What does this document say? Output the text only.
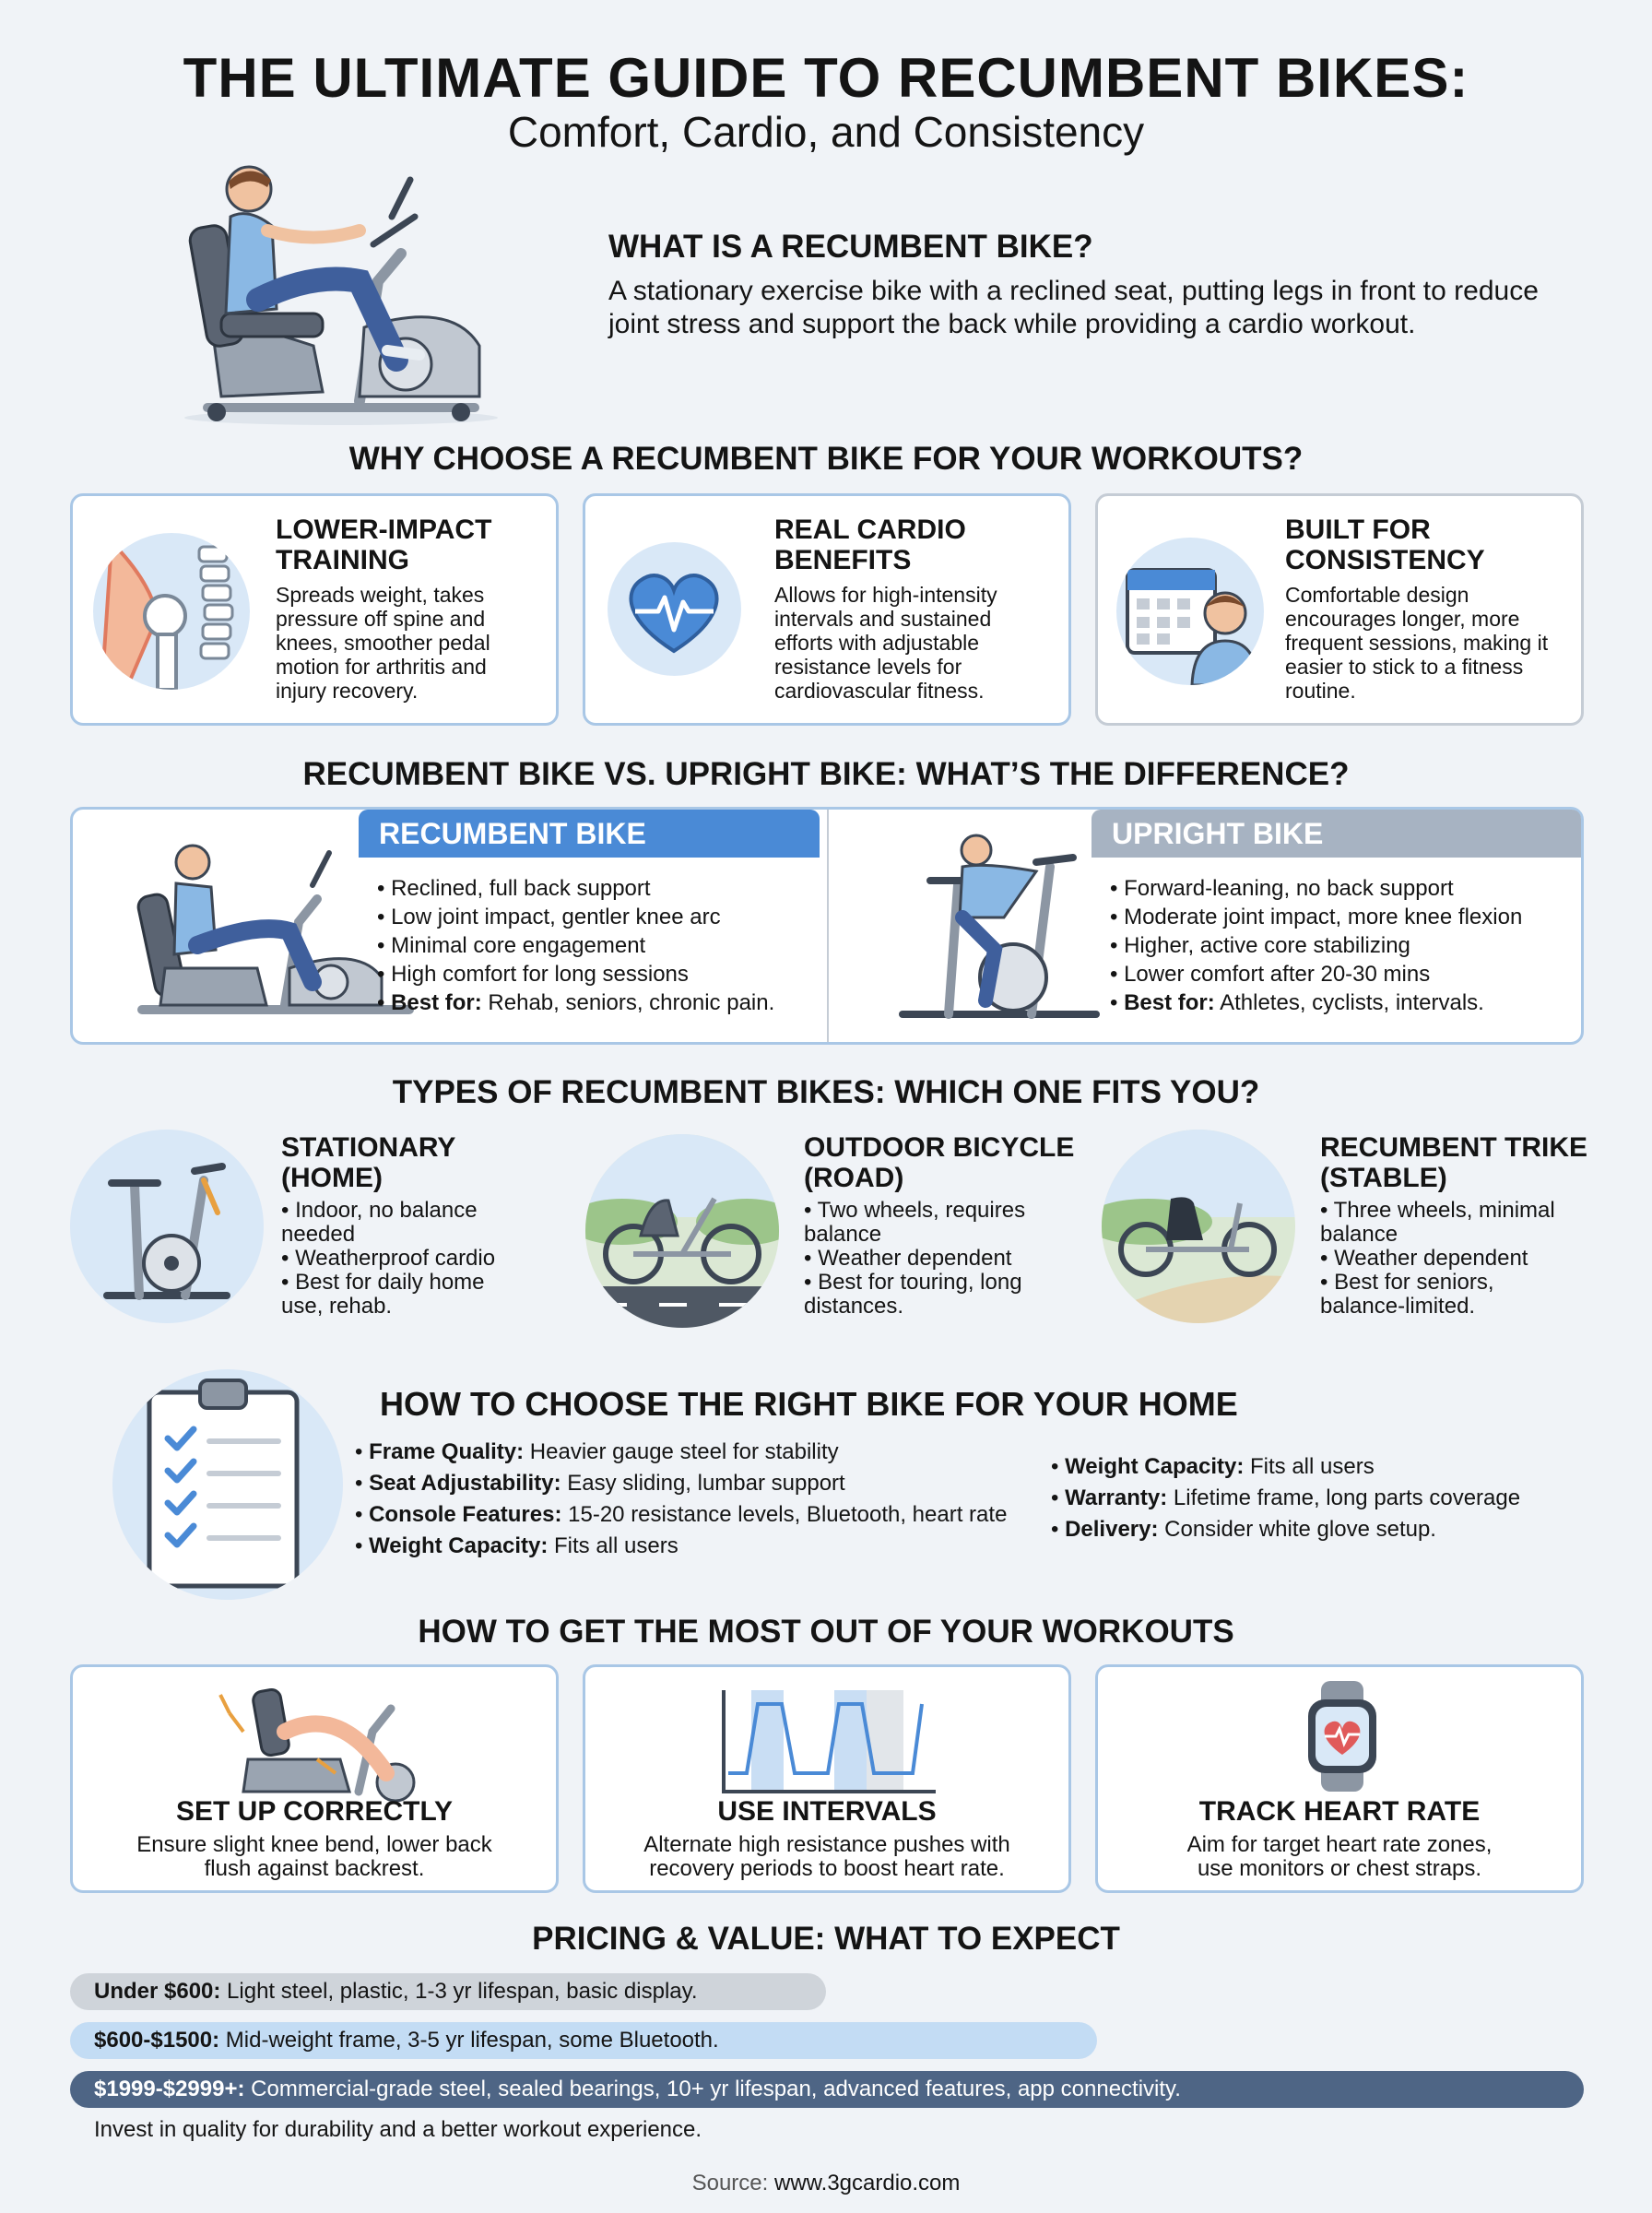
THE ULTIMATE GUIDE TO RECUMBENT BIKES:
Comfort, Cardio, and Consistency
WHAT IS A RECUMBENT BIKE?
A stationary exercise bike with a reclined seat, putting legs in front to reduce joint stress and support the back while providing a cardio workout.
WHY CHOOSE A RECUMBENT BIKE FOR YOUR WORKOUTS?
LOWER-IMPACT TRAINING
Spreads weight, takes pressure off spine and knees, smoother pedal motion for arthritis and injury recovery.
REAL CARDIO BENEFITS
Allows for high-intensity intervals and sustained efforts with adjustable resistance levels for cardiovascular fitness.
BUILT FOR CONSISTENCY
Comfortable design encourages longer, more frequent sessions, making it easier to stick to a fitness routine.
RECUMBENT BIKE VS. UPRIGHT BIKE: WHAT’S THE DIFFERENCE?
RECUMBENT BIKE
• Reclined, full back support
• Low joint impact, gentler knee arc
• Minimal core engagement
• High comfort for long sessions
• Best for: Rehab, seniors, chronic pain.
UPRIGHT BIKE
• Forward-leaning, no back support
• Moderate joint impact, more knee flexion
• Higher, active core stabilizing
• Lower comfort after 20-30 mins
• Best for: Athletes, cyclists, intervals.
TYPES OF RECUMBENT BIKES: WHICH ONE FITS YOU?
STATIONARY
(HOME)
• Indoor, no balance needed
• Weatherproof cardio
• Best for daily home use, rehab.
OUTDOOR BICYCLE
(ROAD)
• Two wheels, requires balance
• Weather dependent
• Best for touring, long distances.
RECUMBENT TRIKE
(STABLE)
• Three wheels, minimal balance
• Weather dependent
• Best for seniors, balance-limited.
HOW TO CHOOSE THE RIGHT BIKE FOR YOUR HOME
• Frame Quality: Heavier gauge steel for stability
• Seat Adjustability: Easy sliding, lumbar support
• Console Features: 15-20 resistance levels, Bluetooth, heart rate
• Weight Capacity: Fits all users
• Weight Capacity: Fits all users
• Warranty: Lifetime frame, long parts coverage
• Delivery: Consider white glove setup.
HOW TO GET THE MOST OUT OF YOUR WORKOUTS
SET UP CORRECTLY
Ensure slight knee bend, lower back
flush against backrest.
USE INTERVALS
Alternate high resistance pushes with
recovery periods to boost heart rate.
TRACK HEART RATE
Aim for target heart rate zones,
use monitors or chest straps.
PRICING & VALUE: WHAT TO EXPECT
Under $600: Light steel, plastic, 1-3 yr lifespan, basic display.
$600-$1500: Mid-weight frame, 3-5 yr lifespan, some Bluetooth.
$1999-$2999+: Commercial-grade steel, sealed bearings, 10+ yr lifespan, advanced features, app connectivity.
Invest in quality for durability and a better workout experience.
Source: www.3gcardio.com
